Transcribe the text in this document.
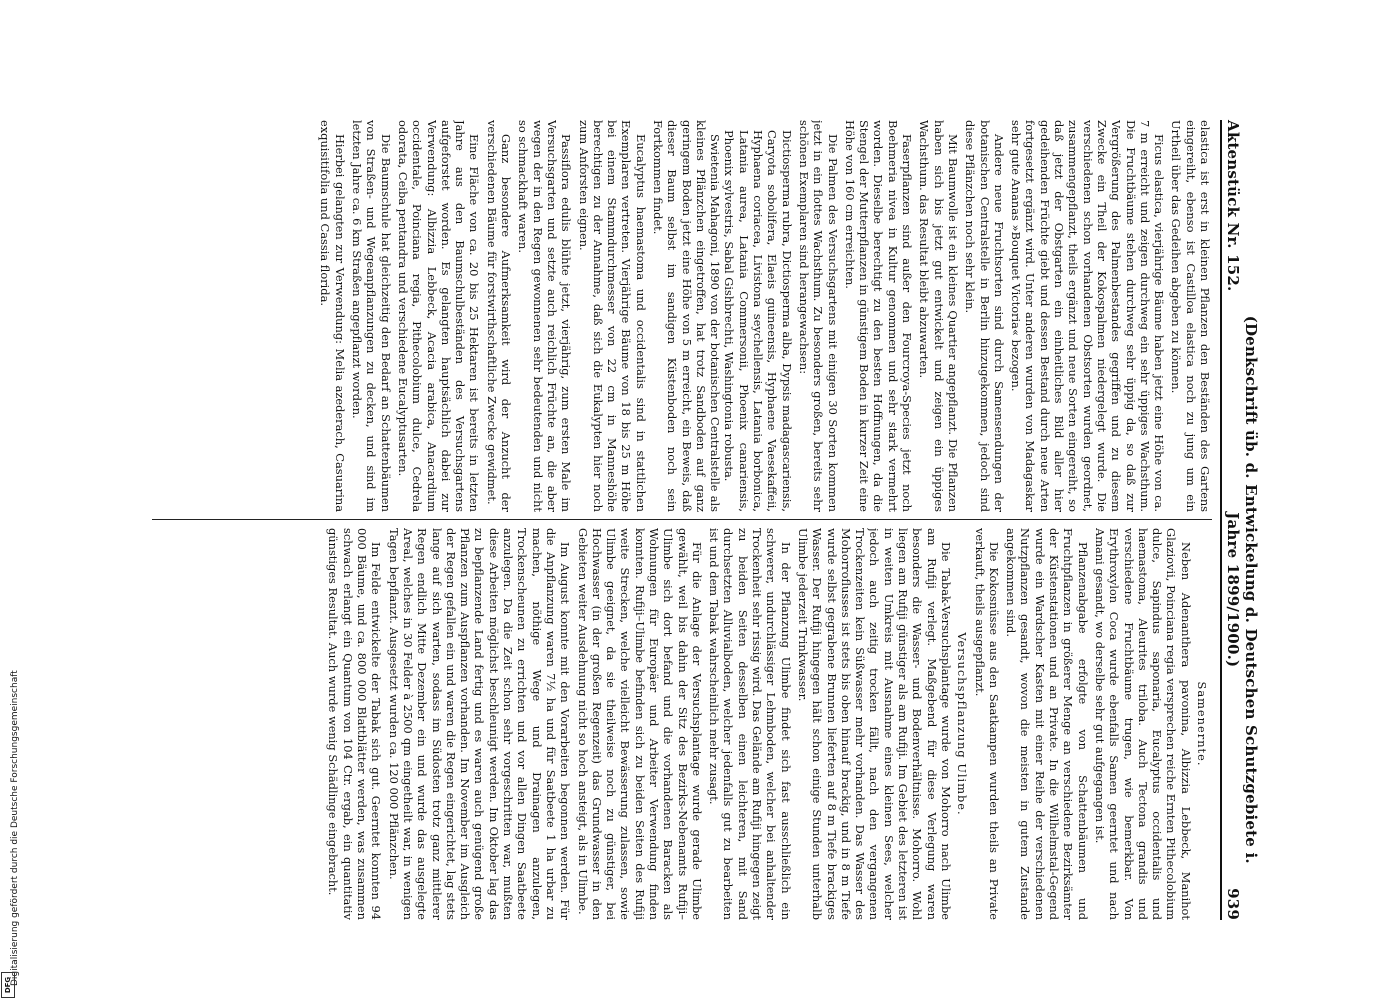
Aktenstück Nr. 152.
(Denkschrift üb. d. Entwickelung d. Deutschen Schutzgebiete i. Jahre 1899/1900.)
939

elastica ist erst in kleinen Pflanzen den Beständen des Gartens eingereiht, ebenso ist Castilloa elastica noch zu jung um ein Urtheil über das Gedeihen abgeben zu können.

Ficus elastica, vierjährige Bäume haben jetzt eine Höhe von ca. 7 m erreicht und zeigen durchweg ein sehr üppiges Wachsthum. Die Fruchtbäume stehen durchweg sehr üppig da, so daß zur Vergrößerung des Palmenbestandes gegriffen und zu diesem Zwecke ein Theil der Kokospalmen niedergelegt wurde. Die verschiedenen schon vorhandenen Obstsorten wurden geordnet, zusammengepflanzt, theils ergänzt und neue Sorten eingereiht, so daß jetzt der Obstgarten ein einheitliches Bild aller hier gedeihenden Früchte giebt und dessen Bestand durch neue Arten fortgesetzt ergänzt wird. Unter anderen wurden von Madagaskar sehr gute Ananas »Bouquet Victoria« bezogen.

Andere neue Fruchtsorten sind durch Samensendungen der botanischen Centralstelle in Berlin hinzugekommen, jedoch sind diese Pflänzchen noch sehr klein.

Mit Baumwolle ist ein kleines Quartier angepflanzt. Die Pflanzen haben sich bis jetzt gut entwickelt und zeigen ein üppiges Wachsthum. das Resultat bleibt abzuwarten.

Faserpflanzen sind außer den Fourcroya-Species jetzt noch Boehmeria nivea in Kultur genommen und sehr stark vermehrt worden. Dieselbe berechtigt zu den besten Hoffnungen, da die Stengel der Mutterpflanzen in günstigem Boden in kurzer Zeit eine Höhe von 160 cm erreichten.

Die Palmen des Versuchsgartens mit einigen 30 Sorten kommen jetzt in ein flottes Wachsthum. Zu besonders großen, bereits sehr schönen Exemplaren sind herangewachsen:

Dictiosperma rubra, Dictiosperma alba, Dypsis madagascariensis, Caryota sobolifera, Elaeis guineensis, Hyphaene Vaesekaffeii, Hyphaena coriacea, Livistona seychellensis, Latania borbonica, Latania aurea, Latania Commersonii, Phoenix canariensis, Phoenix sylvestris, Sabal Gishbrechti, Washingtonia robusta.

Swietenia Mahagoni, 1890 von der botanischen Centralstelle als kleines Pflänzchen eingetroffen, hat trotz Sandboden auf ganz geringem Boden jetzt eine Höhe von 5 m erreicht, ein Beweis, daß dieser Baum selbst im sandigen Küstenboden noch sein Fortkommen findet.

Eucalyptus haemastoma und occidentalis sind in stattlichen Exemplaren vertreten. Vierjährige Bäume von 18 bis 25 m Höhe bei einem Stammdurchmesser von 22 cm in Manneshöhe berechtigen zu der Annahme, daß sich die Eukalypten hier noch zum Anforsten eignen.

Passiflora edulis blühte jetzt, vierjährig, zum ersten Male im Versuchsgarten und setzte auch reichlich Früchte an, die aber wegen der in den Regen gewonnenen sehr bedeutenden und nicht so schmackhaft waren.

Ganz besondere Aufmerksamkeit wird der Anzucht der verschiedenen Bäume für forstwirthschaftliche Zwecke gewidmet.

Eine Fläche von ca. 20 bis 25 Hektaren ist bereits in letzten Jahre aus den Baumschulbeständen des Versuchsgartens aufgeforstet worden. Es gelangten hauptsächlich dabei zur Verwendung: Albizzia Lebbeck, Acacia arabica, Anacardium occidentale, Poinciana regia, Pithecolobium dulce, Cedrela odorata, Ceiba pentandra und verschiedene Eucalyptusarten.

Die Baumschule hat gleichzeitig den Bedarf an Schattenbäumen von Straßen- und Wegeanpflanzungen zu decken, und sind im letzten Jahre ca. 6 km Straßen angepflanzt worden.

Hierbei gelangten zur Verwendung: Melia azederach, Casuarina exquisitifolia und Cassia florida.

Samenernte.

Neben Adenanthera pavonina, Albizzia Lebbeck, Manihot Glaziovii, Poinciana regia versprechen reiche Ernten Pithecolobium dulce, Sapindus saponaria, Eucalyptus occidentalis und haemastoma, Aleurites triloba. Auch Tectona grandis und verschiedene Fruchtbäume trugen, wie bemerkbar. Von Erythroxylon Coca wurde ebenfalls Samen geerntet und nach Amani gesandt, wo derselbe sehr gut aufgegangen ist.

Pflanzenabgabe erfolgte von Schattenbäumen und Fruchtpflanzen in größerer Menge an verschiedene Bezirksämter der Küstenstationen und an Private. In die Wilhelmstal-Gegend wurde ein Wardscher Kasten mit einer Reihe der verschiedenen Nutzpflanzen gesandt, wovon die meisten in gutem Zustande angekommen sind.

Die Kokosnüsse aus den Saatkampen wurden theils an Private verkauft, theils ausgepflanzt.

Versuchspflanzung Ulimbe.

Die Tabak-Versuchsplantage wurde von Mohorro nach Ulimbe am Rufiji verlegt. Maßgebend für diese Verlegung waren besonders die Wasser- und Bodenverhältnisse. Mohorro. Wohl liegen am Rufiji günstiger als am Rufiji. Im Gebiet des letzteren ist in weiten Umkreis mit Ausnahme eines kleinen Sees, welcher jedoch auch zeitig trocken fällt, nach den vergangenen Trockenzeiten kein Süßwasser mehr vorhanden. Das Wasser des Mohorroflusses ist stets bis oben hinauf brackig, und in 8 m Tiefe wurde selbst gegrabene Brunnen lieferten auf 8 m Tiefe brackiges Wasser. Der Rufiji hingegen hält schon einige Stunden unterhalb Ulimbe jederzeit Trinkwasser.

In der Pflanzung Ulimbe findet sich fast ausschließlich ein schwerer, undurchlässiger Lehmboden, welcher bei anhaltender Trockenheit sehr rissig wird. Das Gelände am Rufiji hingegen zeigt zu beiden Seiten desselben einen leichteren, mit Sand durchsetzten Alluvialboden, welcher jedenfalls gut zu bearbeiten ist und dem Tabak wahrscheinlich mehr zusagt.

Für die Anlage der Versuchsplantage wurde gerade Ulimbe gewählt, weil bis dahin der Sitz des Bezirks-Nebenamts Rufiji–Ulimbe sich dort befand und die vorhandenen Baracken als Wohnungen für Europäer und Arbeiter Verwendung finden konnten. Rufiji–Ulimbe befinden sich zu beiden Seiten des Rufiji weite Strecken, welche vielleicht Bewässerung zulassen, sowie Ulimbe geeignet, da sie theilweise noch zu günstiger, bei Hochwasser (in der großen Regenzeit) das Grundwasser in den Gebieten weiter Ausdehnung nicht so hoch ansteigt, als in Ulimbe.

Im August konnte mit den Vorarbeiten begonnen werden. Für die Anpflanzung waren 7½ ha und für Saatbeete 1 ha urbar zu machen, nöthige Wege und Drainagen anzulegen, Trockenscheunen zu errichten und vor allen Dingen Saatbeete anzulegen. Da die Zeit schon sehr vorgeschritten war, mußten diese Arbeiten möglichst beschleunigt werden. Im Oktober lag das zu bepflanzende Land fertig und es waren auch genügend große Pflanzen zum Auspflanzen vorhanden. Im November im Ausgleich der Regen gefallen ein und waren die Regen eingerichtet, lag stets lange auf sich warten, sodass im Südosten trotz ganz mittlerer Regen endlich Mitte Dezember ein und wurde das ausgelegte Areal, welches in 30 Felder à 2500 qm eingetheilt war, in wenigen Tagen bepflanzt. Ausgesetzt wurden ca. 120 000 Pflänzchen.

Im Felde entwickelte der Tabak sich gut. Geerntet konnten 94 000 Bäume, und ca. 800 000 Blattblätter werden, was zusammen schwach erlangt ein Quantum von 104 Ctr. ergab, ein quantitativ günstiges Resultat. Auch wurde wenig Schädlinge eingebracht.

Digitalisierung gefördert durch die Deutsche Forschungsgemeinschaft
DFG
